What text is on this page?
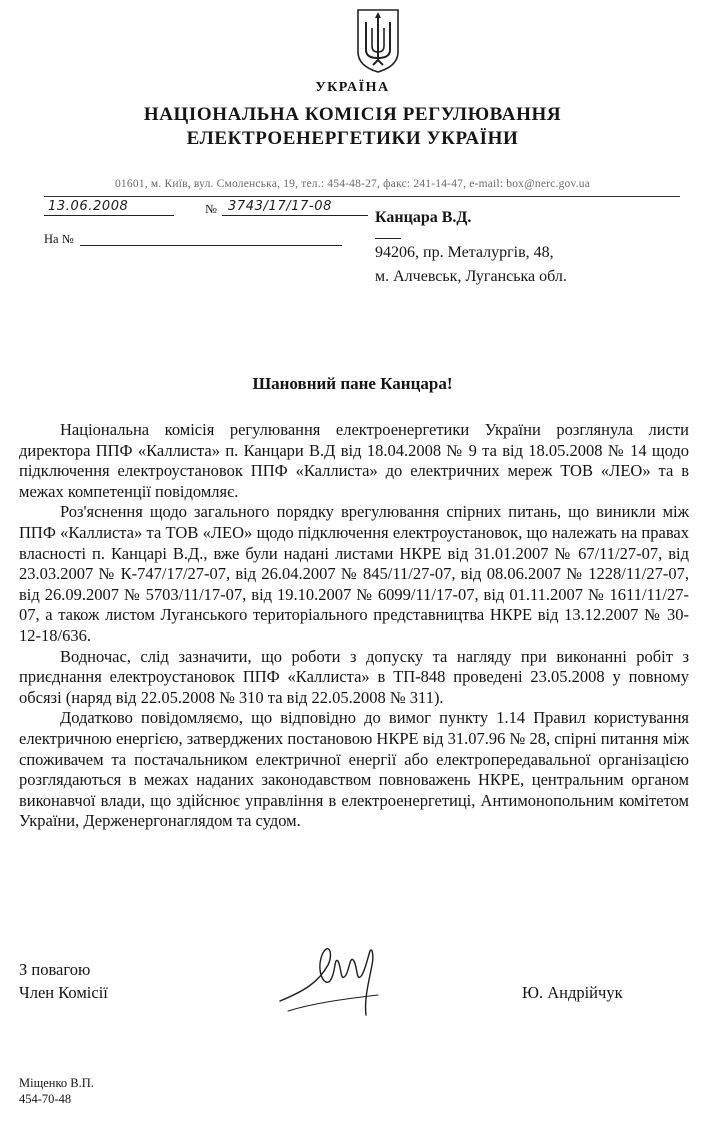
УКРАЇНА
НАЦІОНАЛЬНА КОМІСІЯ РЕГУЛЮВАННЯ
ЕЛЕКТРОЕНЕРГЕТИКИ УКРАЇНИ
01601, м. Київ, вул. Смоленська, 19, тел.: 454-48-27, факс: 241-14-47, e-mail: box@nerc.gov.ua
13.06.2008	№ 3743/17/17-08
На №
Канцара В.Д.
94206, пр. Металургів, 48,
м. Алчевськ, Луганська обл.
Шановний пане Канцара!

Національна комісія регулювання електроенергетики України розглянула листи директора ППФ «Каллиста» п. Канцари В.Д від 18.04.2008 № 9 та від 18.05.2008 № 14 щодо підключення електроустановок ППФ «Каллиста» до електричних мереж ТОВ «ЛЕО» та в межах компетенції повідомляє.

Роз'яснення щодо загального порядку врегулювання спірних питань, що виникли між ППФ «Каллиста» та ТОВ «ЛЕО» щодо підключення електроустановок, що належать на правах власності п. Канцарі В.Д., вже були надані листами НКРЕ від 31.01.2007 № 67/11/27-07, від 23.03.2007 № К-747/17/27-07, від 26.04.2007 № 845/11/27-07, від 08.06.2007 № 1228/11/27-07, від 26.09.2007 № 5703/11/17-07, від 19.10.2007 № 6099/11/17-07, від 01.11.2007 № 1611/11/27-07, а також листом Луганського територіального представництва НКРЕ від 13.12.2007 № 30-12-18/636.

Водночас, слід зазначити, що роботи з допуску та нагляду при виконанні робіт з приєднання електроустановок ППФ «Каллиста» в ТП-848 проведені 23.05.2008 у повному обсязі (наряд від 22.05.2008 № 310 та від 22.05.2008 № 311).

Додатково повідомляємо, що відповідно до вимог пункту 1.14 Правил користування електричною енергією, затверджених постановою НКРЕ від 31.07.96 № 28, спірні питання між споживачем та постачальником електричної енергії або електропередавальної організацією розглядаються в межах наданих законодавством повноважень НКРЕ, центральним органом виконавчої влади, що здійснює управління в електроенергетиці, Антимонопольним комітетом України, Держенергонаглядом та судом.

З повагою
Член Комісії	Ю. Андрійчук
Міщенко В.П.
454-70-48
